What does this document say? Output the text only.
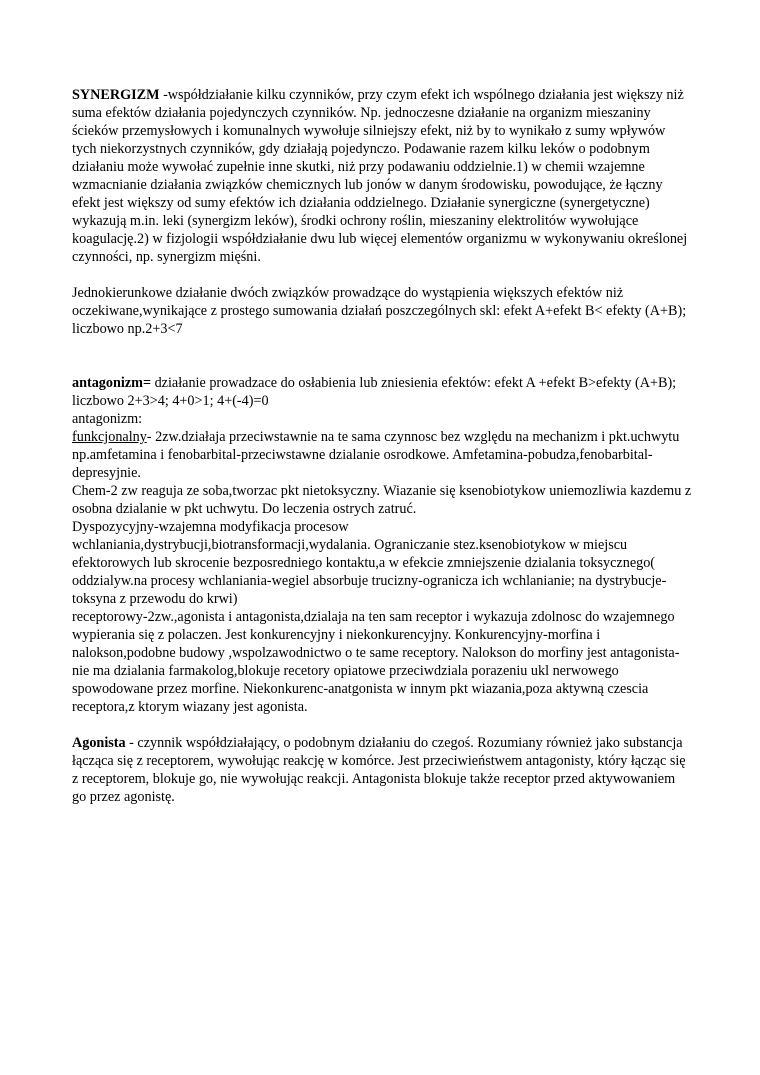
SYNERGIZM -współdziałanie kilku czynników, przy czym efekt ich wspólnego działania jest większy niż suma efektów działania pojedynczych czynników. Np. jednoczesne działanie na organizm mieszaniny ścieków przemysłowych i komunalnych wywołuje silniejszy efekt, niż by to wynikało z sumy wpływów tych niekorzystnych czynników, gdy działają pojedynczo. Podawanie razem kilku leków o podobnym działaniu może wywołać zupełnie inne skutki, niż przy podawaniu oddzielnie.1) w chemii wzajemne wzmacnianie działania związków chemicznych lub jonów w danym środowisku, powodujące, że łączny efekt jest większy od sumy efektów ich działania oddzielnego. Działanie synergiczne (synergetyczne) wykazują m.in. leki (synergizm leków), środki ochrony roślin, mieszaniny elektrolitów wywołujące koagulację.2) w fizjologii współdziałanie dwu lub więcej elementów organizmu w wykonywaniu określonej czynności, np. synergizm mięśni.

Jednokierunkowe działanie dwóch związków prowadzące do wystąpienia większych efektów niż oczekiwane,wynikające z prostego sumowania działań poszczególnych skl: efekt A+efekt B< efekty (A+B); liczbowo np.2+3<7

antagonizm= działanie prowadzace do osłabienia lub zniesienia efektów: efekt A +efekt B>efekty (A+B); liczbowo 2+3>4; 4+0>1; 4+(-4)=0

antagonizm:

funkcjonalny- 2zw.działaja przeciwstawnie na te sama czynnosc bez względu na mechanizm i pkt.uchwytu np.amfetamina i fenobarbital-przeciwstawne dzialanie osrodkowe. Amfetamina-pobudza,fenobarbital-depresyjnie.

Chem-2 zw reaguja ze soba,tworzac pkt nietoksyczny. Wiazanie się ksenobiotykow uniemozliwia kazdemu z osobna dzialanie w pkt uchwytu. Do leczenia ostrych zatruć.

Dyspozycyjny-wzajemna modyfikacja procesow

wchlaniania,dystrybucji,biotransformacji,wydalania. Ograniczanie stez.ksenobiotykow w miejscu efektorowych lub skrocenie bezposredniego kontaktu,a w efekcie zmniejszenie dzialania toksycznego( oddzialyw.na procesy wchlaniania-wegiel absorbuje trucizny-ogranicza ich wchlanianie; na dystrybucje-toksyna z przewodu do krwi)

receptorowy-2zw.,agonista i antagonista,dzialaja na ten sam receptor i wykazuja zdolnosc do wzajemnego wypierania się z polaczen. Jest konkurencyjny i niekonkurencyjny. Konkurencyjny-morfina i nalokson,podobne budowy ,wspolzawodnictwo o te same receptory. Nalokson do morfiny jest antagonista-nie ma dzialania farmakolog,blokuje recetory opiatowe przeciwdziala porazeniu ukl nerwowego spowodowane przez morfine. Niekonkurenc-anatgonista w innym pkt wiazania,poza aktywną czescia receptora,z ktorym wiazany jest agonista.

Agonista - czynnik współdziałający, o podobnym działaniu do czegoś. Rozumiany również jako substancja łącząca się z receptorem, wywołując reakcję w komórce. Jest przeciwieństwem antagonisty, który łącząc się z receptorem, blokuje go, nie wywołując reakcji. Antagonista blokuje także receptor przed aktywowaniem go przez agonistę.
